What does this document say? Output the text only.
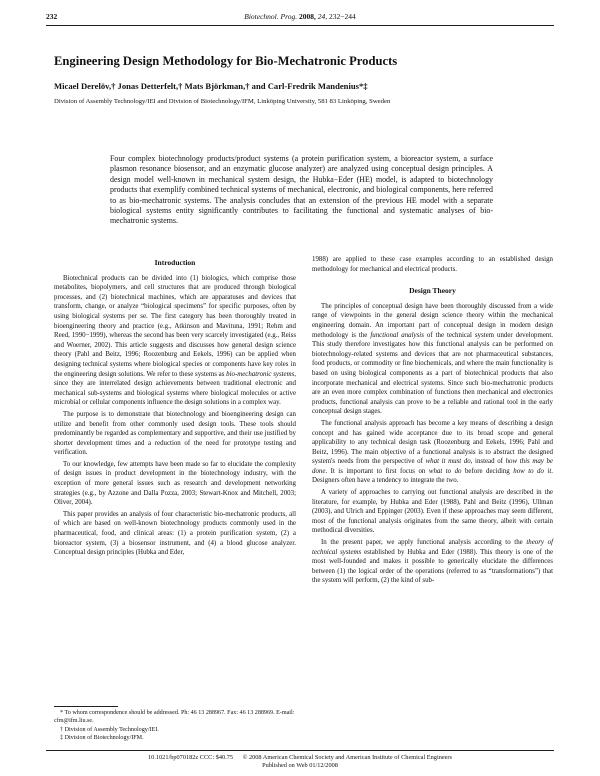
232	Biotechnol. Prog. 2008, 24, 232−244
Engineering Design Methodology for Bio-Mechatronic Products
Micael Derelöv,† Jonas Detterfelt,† Mats Björkman,† and Carl-Fredrik Mandenius*‡
Division of Assembly Technology/IEI and Division of Biotechnology/IFM, Linköping University, 581 83 Linköping, Sweden
Four complex biotechnology products/product systems (a protein purification system, a bioreactor system, a surface plasmon resonance biosensor, and an enzymatic glucose analyzer) are analyzed using conceptual design principles. A design model well-known in mechanical system design, the Hubka−Eder (HE) model, is adapted to biotechnology products that exemplify combined technical systems of mechanical, electronic, and biological components, here referred to as bio-mechatronic systems. The analysis concludes that an extension of the previous HE model with a separate biological systems entity significantly contributes to facilitating the functional and systematic analyses of bio-mechatronic systems.
Introduction

Biotechnical products can be divided into (1) biologics, which comprise those metabolites, biopolymers, and cell structures that are produced through biological processes, and (2) biotechnical machines, which are apparatuses and devices that transform, change, or analyze “biological specimens” for specific purposes, often by using biological systems per se. The first category has been thoroughly treated in bioengineering theory and practice (e.g., Atkinson and Mavituna, 1991; Rehm and Reed, 1990−1999), whereas the second has been very scarcely investigated (e.g., Reiss and Woerner, 2002). This article suggests and discusses how general design science theory (Pahl and Beitz, 1996; Roozenburg and Eekels, 1996) can be applied when designing technical systems where biological species or components have key roles in the engineering design solutions. We refer to these systems as bio-mechatronic systems, since they are interrelated design achievements between traditional electronic and mechanical sub-systems and biological systems where biological molecules or active microbial or cellular components influence the design solutions in a complex way.

The purpose is to demonstrate that biotechnology and bioengineering design can utilize and benefit from other commonly used design tools. These tools should predominantly be regarded as complementary and supportive, and their use justified by shorter development times and a reduction of the need for prototype testing and verification.

To our knowledge, few attempts have been made so far to elucidate the complexity of design issues in product development in the biotechnology industry, with the exception of more general issues such as research and development networking strategies (e.g., by Azzone and Dalla Pozza, 2003; Stewart-Knox and Mitchell, 2003; Oliver, 2004).

This paper provides an analysis of four characteristic bio-mechatronic products, all of which are based on well-known biotechnology products commonly used in the pharmaceutical, food, and clinical areas: (1) a protein purification system, (2) a bioreactor system, (3) a biosensor instrument, and (4) a blood glucose analyzer. Conceptual design principles (Hubka and Eder,

1988) are applied to these case examples according to an established design methodology for mechanical and electrical products.

Design Theory

The principles of conceptual design have been thoroughly discussed from a wide range of viewpoints in the general design science theory within the mechanical engineering domain. An important part of conceptual design in modern design methodology is the functional analysis of the technical system under development. This study therefore investigates how this functional analysis can be performed on biotechnology-related systems and devices that are not pharmaceutical substances, food products, or commodity or fine biochemicals, and where the main functionality is based on using biological components as a part of biotechnical products that also incorporate mechanical and electrical systems. Since such bio-mechatronic products are an even more complex combination of functions then mechanical and electronics products, functional analysis can prove to be a reliable and rational tool in the early conceptual design stages.

The functional analysis approach has become a key means of describing a design concept and has gained wide acceptance due to its broad scope and general applicability to any technical design task (Roozenburg and Eekels, 1996; Pahl and Beitz, 1996). The main objective of a functional analysis is to abstract the designed system's needs from the perspective of what it must do, instead of how this may be done. It is important to first focus on what to do before deciding how to do it. Designers often have a tendency to integrate the two.

A variety of approaches to carrying out functional analysis are described in the literature, for example, by Hubka and Eder (1988), Pahl and Beitz (1996), Ullman (2003), and Ulrich and Eppinger (2003). Even if these approaches may seem different, most of the functional analysis originates from the same theory, albeit with certain methodical diversities.

In the present paper, we apply functional analysis according to the theory of technical systems established by Hubka and Eder (1988). This theory is one of the most well-founded and makes it possible to generically elucidate the differences between (1) the logical order of the operations (referred to as “transformations”) that the system will perform, (2) the kind of sub-

* To whom correspondence should be addressed. Ph: 46 13 288967. Fax: 46 13 288969. E-mail: cfm@ifm.liu.se.
† Division of Assembly Technology/IEI.
‡ Division of Biotechnology/IFM.
10.1021/bp070182z CCC: $40.75 © 2008 American Chemical Society and American Institute of Chemical Engineers
Published on Web 01/12/2008
